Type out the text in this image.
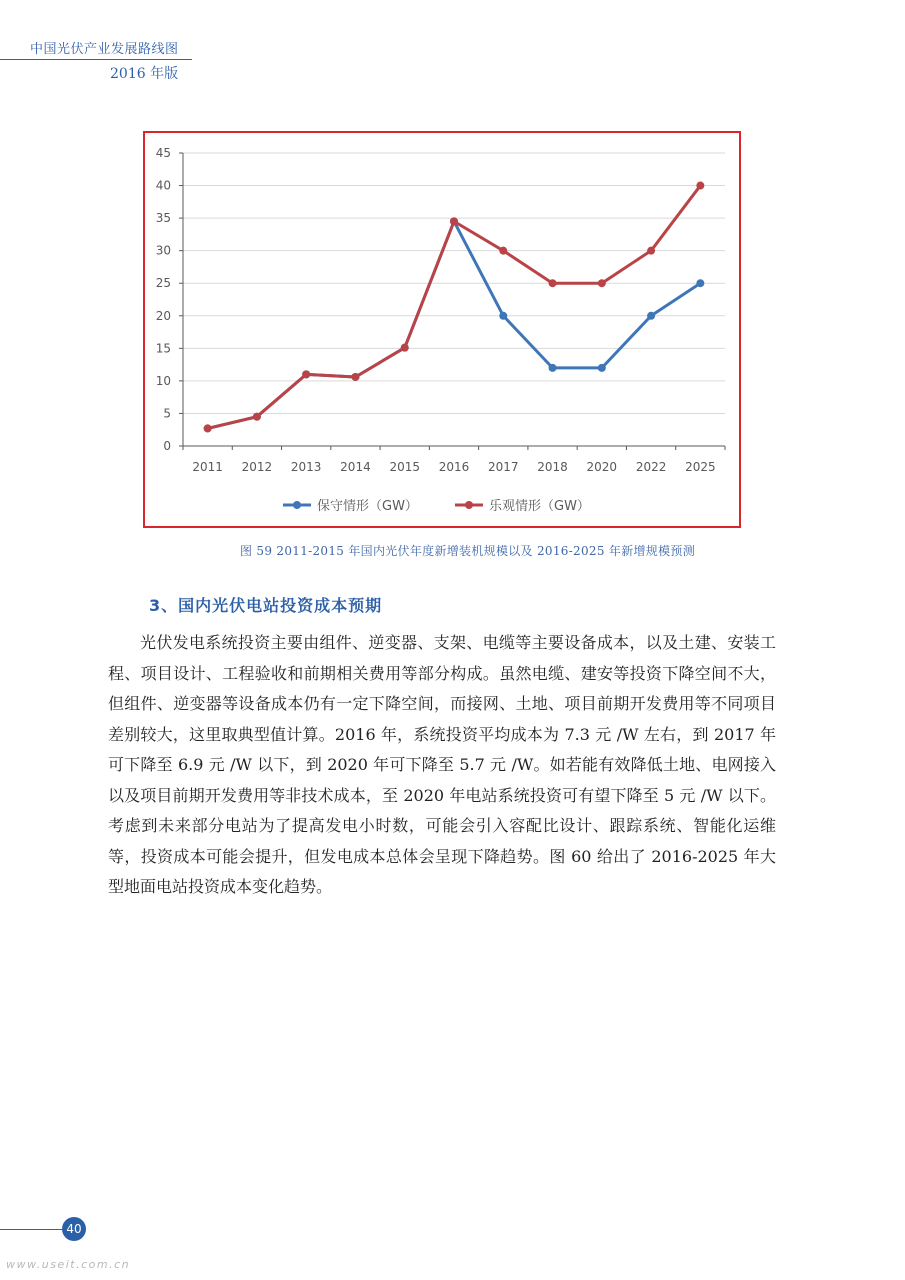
中国光伏产业发展路线图
2016 年版
0
5
10
15
20
25
30
35
40
45
2011 2012 2013 2014 2015 2016 2017 2018 2020 2022 2025
保守情形（GW）	乐观情形（GW）
图 59 2011-2015 年国内光伏年度新增装机规模以及 2016-2025 年新增规模预测
3、国内光伏电站投资成本预期

光伏发电系统投资主要由组件、逆变器、支架、电缆等主要设备成本，以及土建、安装工程、项目设计、工程验收和前期相关费用等部分构成。虽然电缆、建安等投资下降空间不大，但组件、逆变器等设备成本仍有一定下降空间，而接网、土地、项目前期开发费用等不同项目差别较大，这里取典型值计算。2016 年，系统投资平均成本为 7.3 元 /W 左右，到 2017 年可下降至 6.9 元 /W 以下，到 2020 年可下降至 5.7 元 /W。如若能有效降低土地、电网接入以及项目前期开发费用等非技术成本，至 2020 年电站系统投资可有望下降至 5 元 /W 以下。考虑到未来部分电站为了提高发电小时数，可能会引入容配比设计、跟踪系统、智能化运维等，投资成本可能会提升，但发电成本总体会呈现下降趋势。图 60 给出了 2016-2025 年大型地面电站投资成本变化趋势。

40
www.useit.com.cn
